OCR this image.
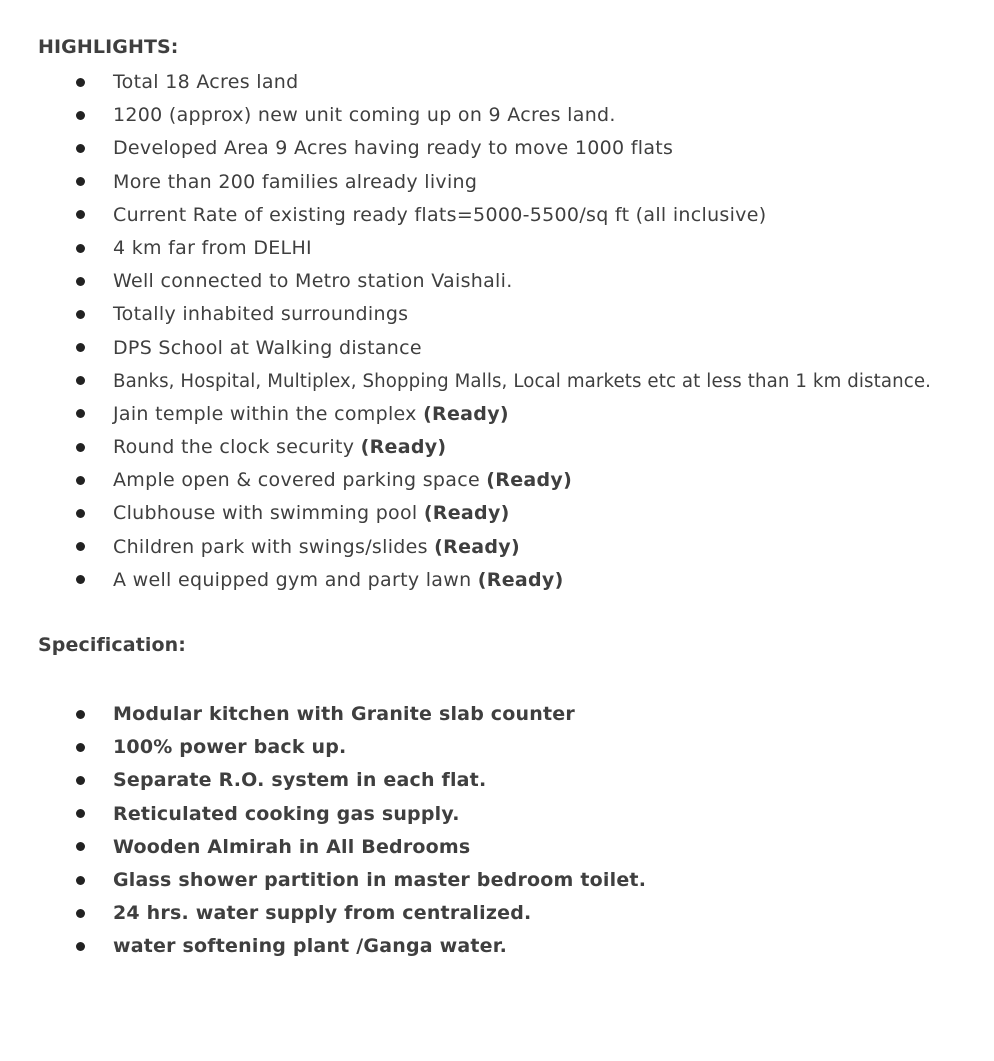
HIGHLIGHTS:
Total 18 Acres land
1200 (approx) new unit coming up on 9 Acres land.
Developed Area 9 Acres having ready to move 1000 flats
More than 200 families already living
Current Rate of existing ready flats=5000-5500/sq ft (all inclusive)
4 km far from DELHI
Well connected to Metro station Vaishali.
Totally inhabited surroundings
DPS School at Walking distance
Banks, Hospital, Multiplex, Shopping Malls, Local markets etc at less than 1 km distance.
Jain temple within the complex (Ready)
Round the clock security (Ready)
Ample open & covered parking space (Ready)
Clubhouse with swimming pool (Ready)
Children park with swings/slides (Ready)
A well equipped gym and party lawn (Ready)
Specification:
Modular kitchen with Granite slab counter
100% power back up.
Separate R.O. system in each flat.
Reticulated cooking gas supply.
Wooden Almirah in All Bedrooms
Glass shower partition in master bedroom toilet.
24 hrs. water supply from centralized.
water softening plant /Ganga water.
